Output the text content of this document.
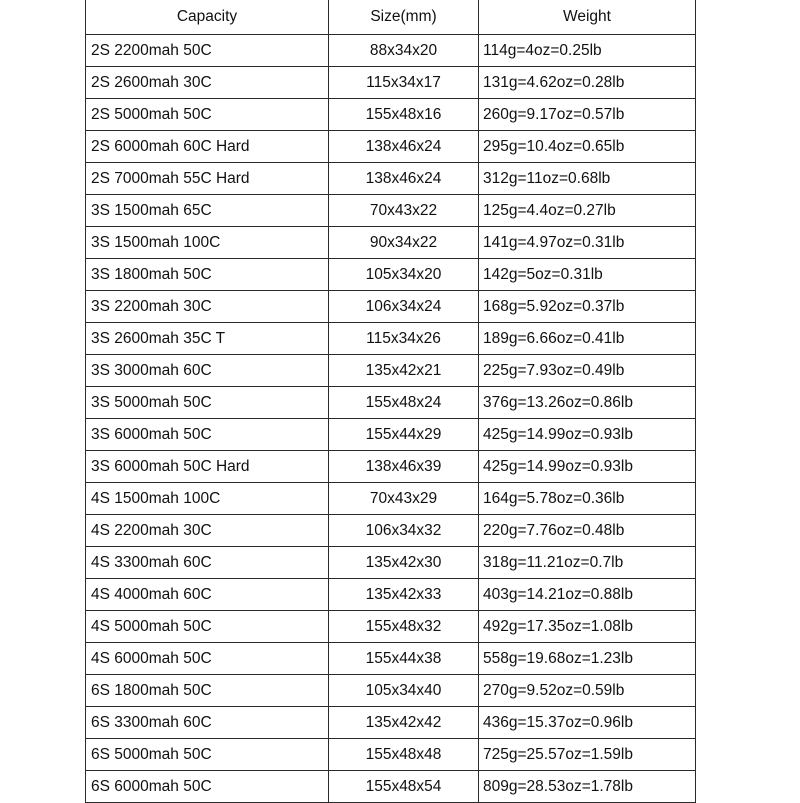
Capacity	Size(mm)	Weight
2S 2200mah 50C	88x34x20	114g=4oz=0.25lb
2S 2600mah 30C	115x34x17	131g=4.62oz=0.28lb
2S 5000mah 50C	155x48x16	260g=9.17oz=0.57lb
2S 6000mah 60C Hard	138x46x24	295g=10.4oz=0.65lb
2S 7000mah 55C Hard	138x46x24	312g=11oz=0.68lb
3S 1500mah 65C	70x43x22	125g=4.4oz=0.27lb
3S 1500mah 100C	90x34x22	141g=4.97oz=0.31lb
3S 1800mah 50C	105x34x20	142g=5oz=0.31lb
3S 2200mah 30C	106x34x24	168g=5.92oz=0.37lb
3S 2600mah 35C T	115x34x26	189g=6.66oz=0.41lb
3S 3000mah 60C	135x42x21	225g=7.93oz=0.49lb
3S 5000mah 50C	155x48x24	376g=13.26oz=0.86lb
3S 6000mah 50C	155x44x29	425g=14.99oz=0.93lb
3S 6000mah 50C Hard	138x46x39	425g=14.99oz=0.93lb
4S 1500mah 100C	70x43x29	164g=5.78oz=0.36lb
4S 2200mah 30C	106x34x32	220g=7.76oz=0.48lb
4S 3300mah 60C	135x42x30	318g=11.21oz=0.7lb
4S 4000mah 60C	135x42x33	403g=14.21oz=0.88lb
4S 5000mah 50C	155x48x32	492g=17.35oz=1.08lb
4S 6000mah 50C	155x44x38	558g=19.68oz=1.23lb
6S 1800mah 50C	105x34x40	270g=9.52oz=0.59lb
6S 3300mah 60C	135x42x42	436g=15.37oz=0.96lb
6S 5000mah 50C	155x48x48	725g=25.57oz=1.59lb
6S 6000mah 50C	155x48x54	809g=28.53oz=1.78lb
